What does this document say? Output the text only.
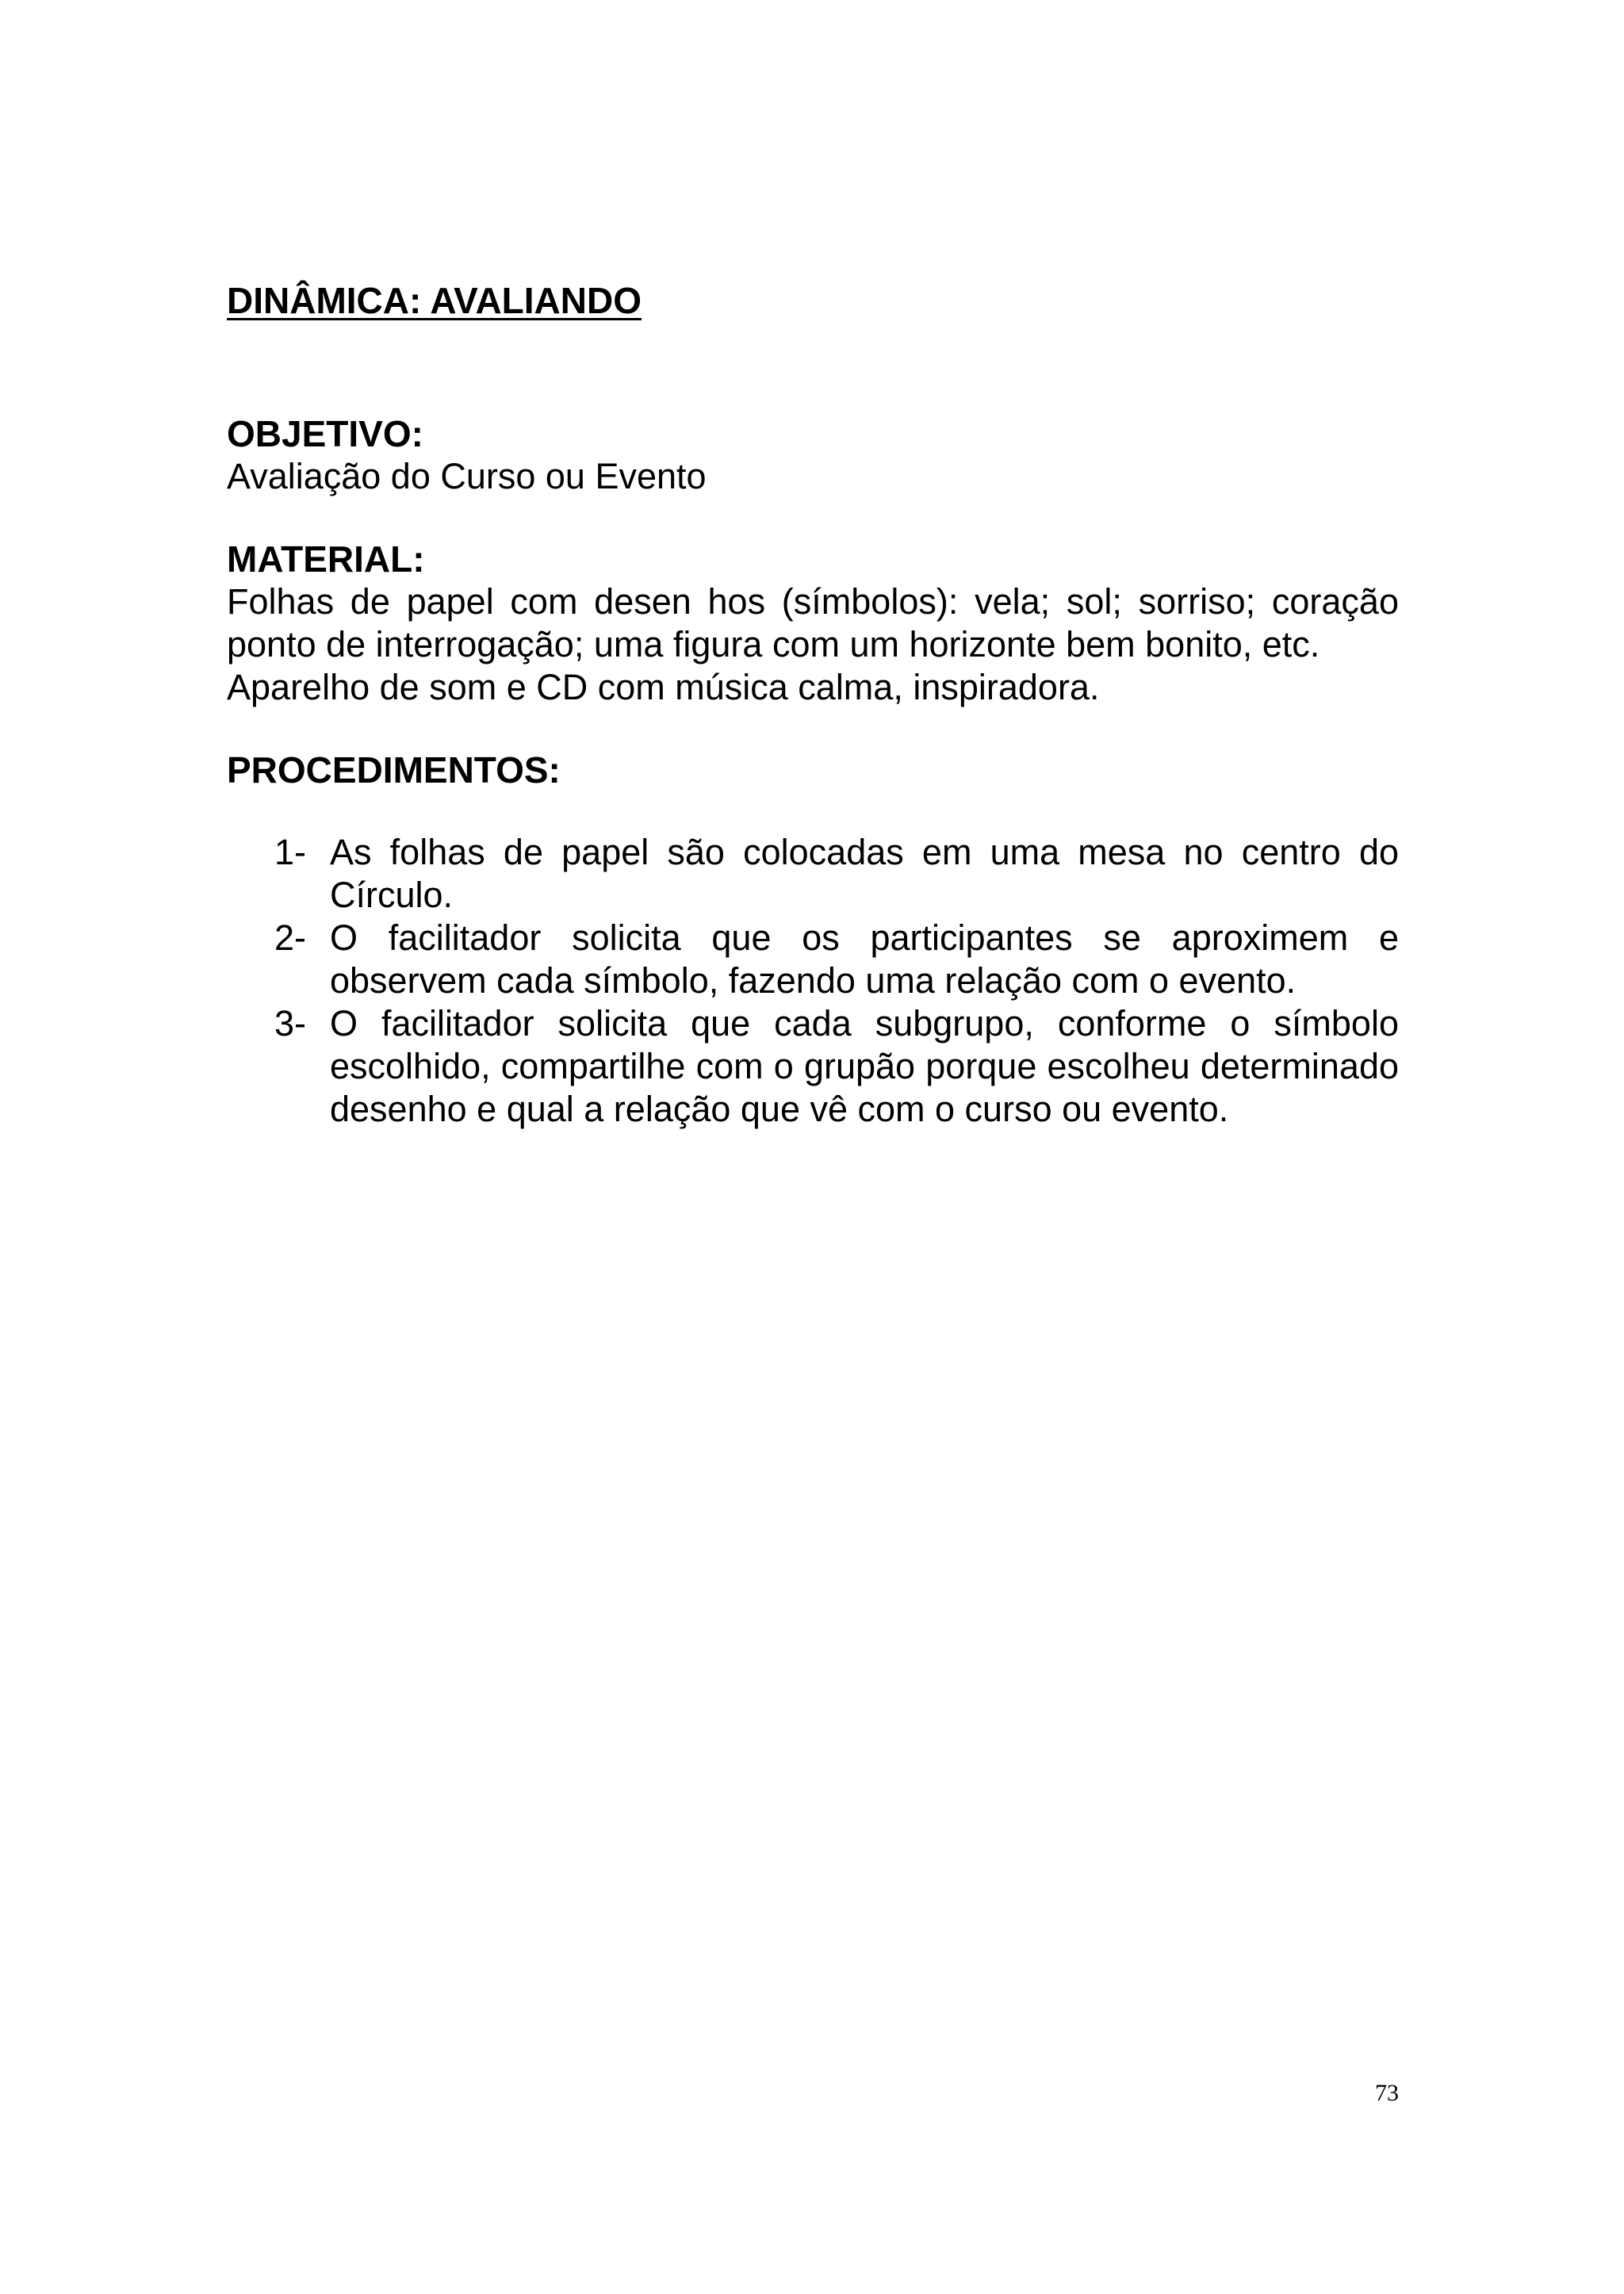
DINÂMICA: AVALIANDO
OBJETIVO:

Avaliação do Curso ou Evento

MATERIAL:

Folhas de papel com desen hos (símbolos): vela; sol; sorriso; coração

ponto de interrogação; uma figura com um horizonte bem bonito, etc.

Aparelho de som e CD com música calma, inspiradora.

PROCEDIMENTOS:
1- As folhas de papel são colocadas em uma mesa no centro do Círculo.
2- O facilitador solicita que os participantes se aproximem e observem cada símbolo, fazendo uma relação com o evento.
3- O facilitador solicita que cada subgrupo, conforme o símbolo escolhido, compartilhe com o grupão porque escolheu determinado desenho e qual a relação que vê com o curso ou evento.
73
